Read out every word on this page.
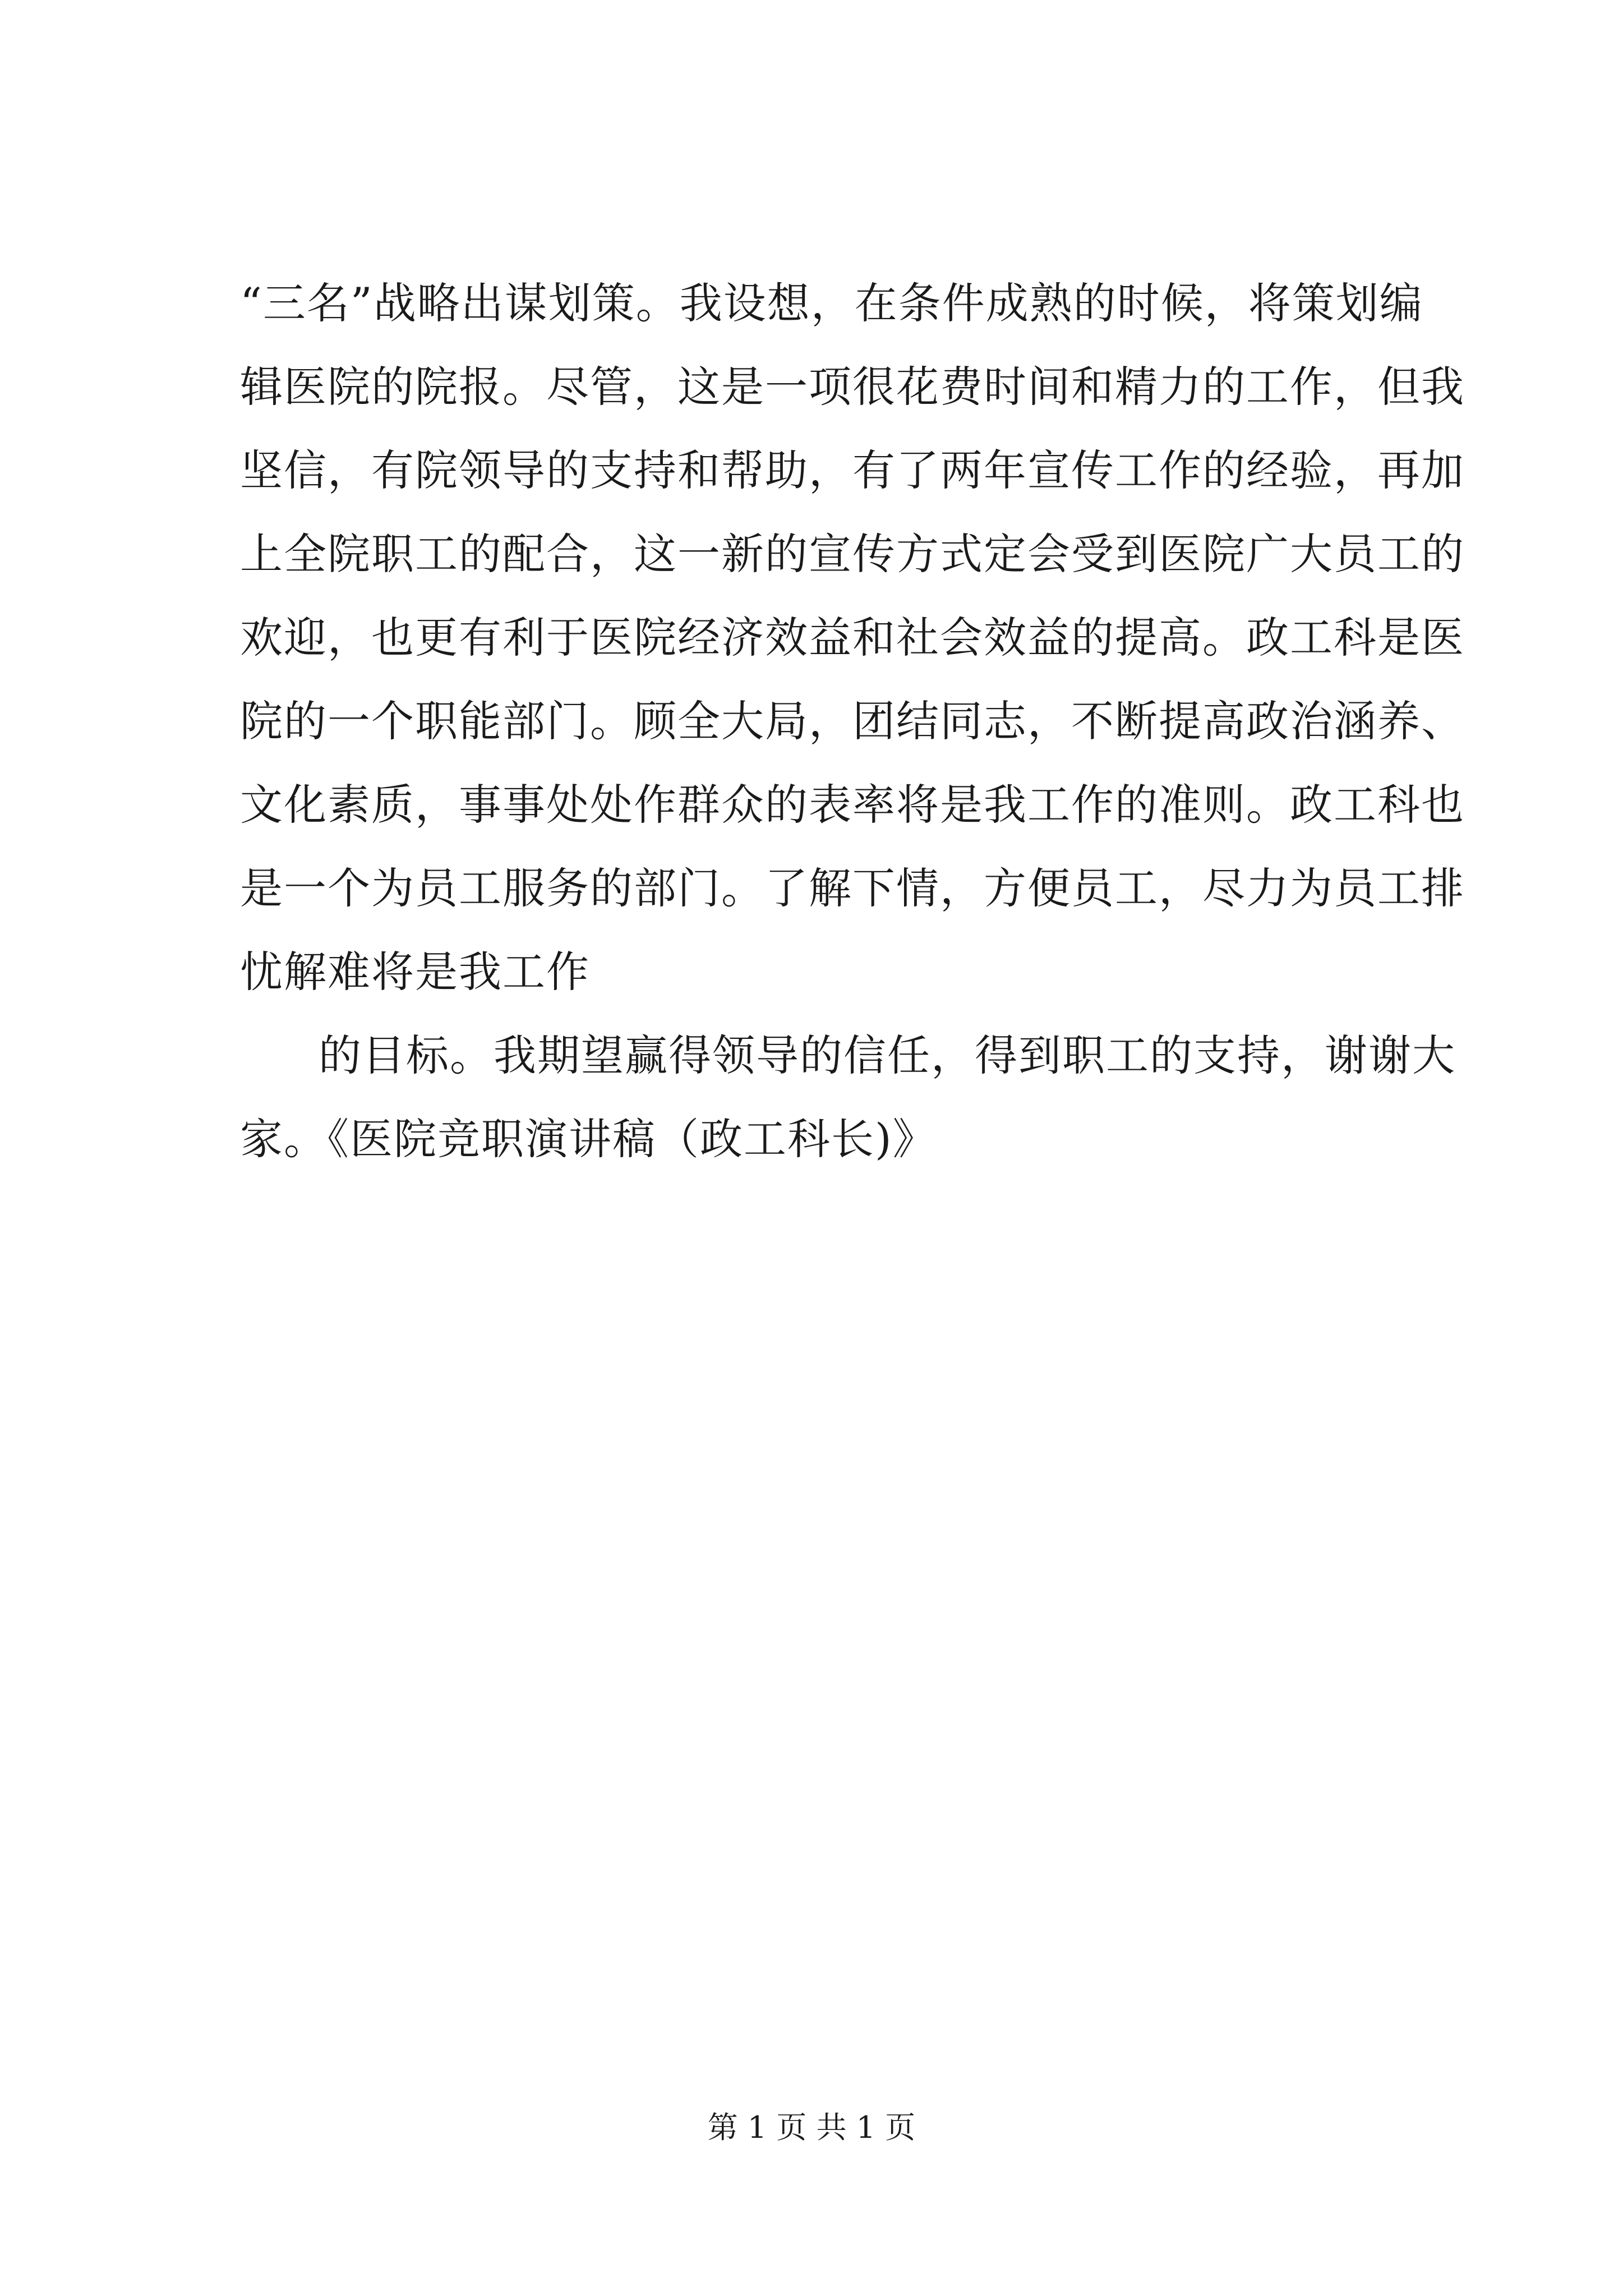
“三名”战略出谋划策。我设想，在条件成熟的时候，将策划编
辑医院的院报。尽管，这是一项很花费时间和精力的工作，但我
坚信，有院领导的支持和帮助，有了两年宣传工作的经验，再加
上全院职工的配合，这一新的宣传方式定会受到医院广大员工的
欢迎，也更有利于医院经济效益和社会效益的提高。政工科是医
院的一个职能部门。顾全大局，团结同志，不断提高政治涵养、
文化素质，事事处处作群众的表率将是我工作的准则。政工科也
是一个为员工服务的部门。了解下情，方便员工，尽力为员工排
忧解难将是我工作
的目标。我期望赢得领导的信任，得到职工的支持，谢谢大
家。《医院竞职演讲稿（政工科长)》
第 1 页 共 1 页
